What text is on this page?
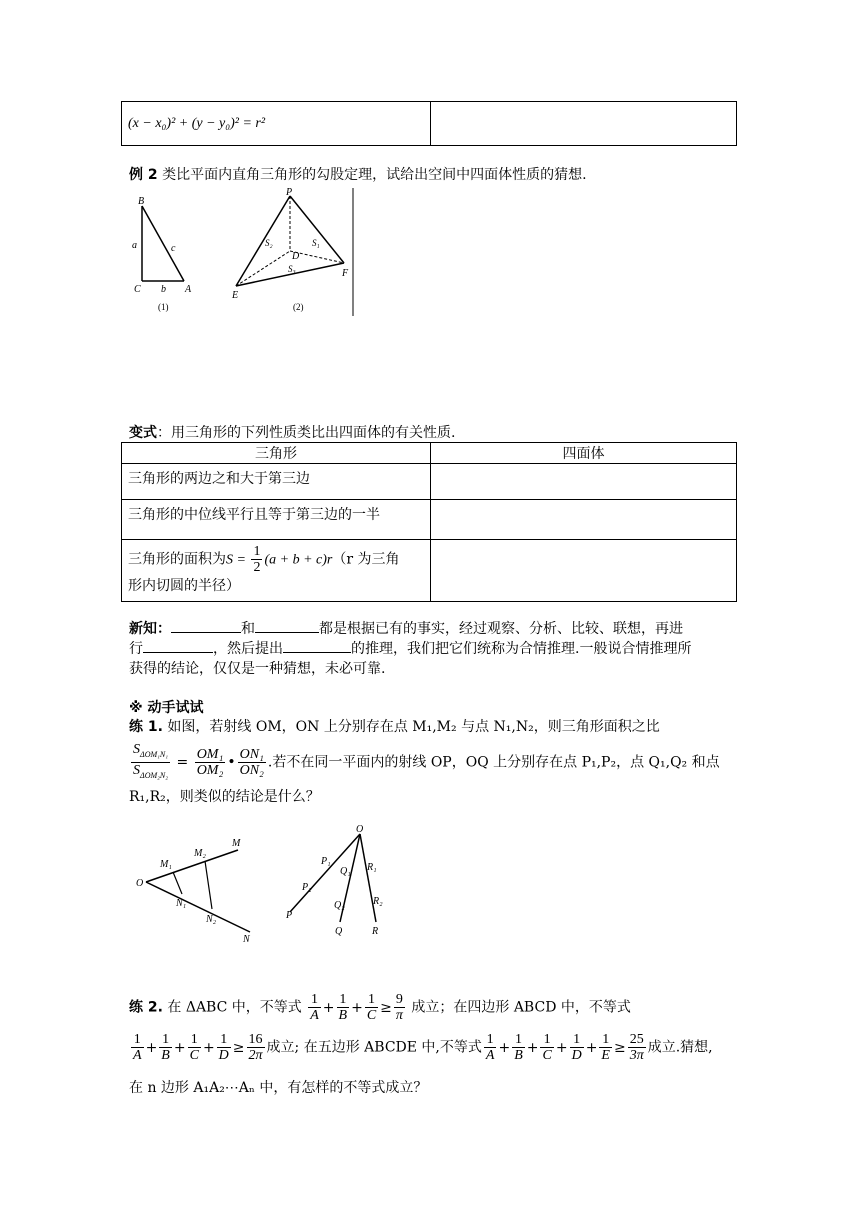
(x − x₀)² + (y − y₀)² = r²	
例 2 类比平面内直角三角形的勾股定理，试给出空间中四面体性质的猜想.
B
a	c
C b A
(1)
P
S₂	S₁
D
S₃
E
F
(2)
变式：用三角形的下列性质类比出四面体的有关性质.
三角形	四面体
三角形的两边之和大于第三边	
三角形的中位线平行且等于第三边的一半	

三角形的面积为$S = \frac{1}{2} (a + b + c)r(r$ 为三角
形内切圆的半径）	

新知：	和	都是根据已有的事实，经过观察、分析、比较、联想，再进
行	，然后提出	的推理，我们把它们统称为合情推理.一般说合情推理所
获得的结论，仅仅是一种猜想，未必可靠.
※ 动手试试
练 1. 如图，若射线 OM，ON 上分别存在点 M₁,M₂ 与点 N₁,N₂，则三角形面积之比
$\frac{S_{\Delta OM_1N_1}}{S_{\Delta OM_2N_2}} = \frac{\text{OM₁}}{\text{OM₂}}$ • $\frac{\text{ON₁}}{\text{ON₂}}$ .若不在同一平面内的射线 OP，OQ 上分别存在点 P₁,P₂，点 Q₁,Q₂ 和点
R₁,R₂，则类似的结论是什么？
O
M₁
M₂
M
N₁
N₂
N
O
P₁
P₂
P
Q₁
Q₂
Q
R₁
R₂
R
练 2. 在 ΔABC 中，不等式 $\frac{1}{A} + \frac{1}{B} + \frac{1}{C} \ge \frac{9}{\pi}$ 成立；在四边形 ABCD 中，不等式
$\frac{1}{A} + \frac{1}{B} + \frac{1}{C} + \frac{1}{D} \ge \frac{16}{2\pi}$ 成立; 在五边形 ABCDE 中,不等式 $\frac{1}{A} + \frac{1}{B} + \frac{1}{C} + \frac{1}{D} + \frac{1}{E} \ge \frac{25}{3\pi}$ 成立.猜想,
在 n 边形 A₁A₂⋯Aₙ 中，有怎样的不等式成立？
